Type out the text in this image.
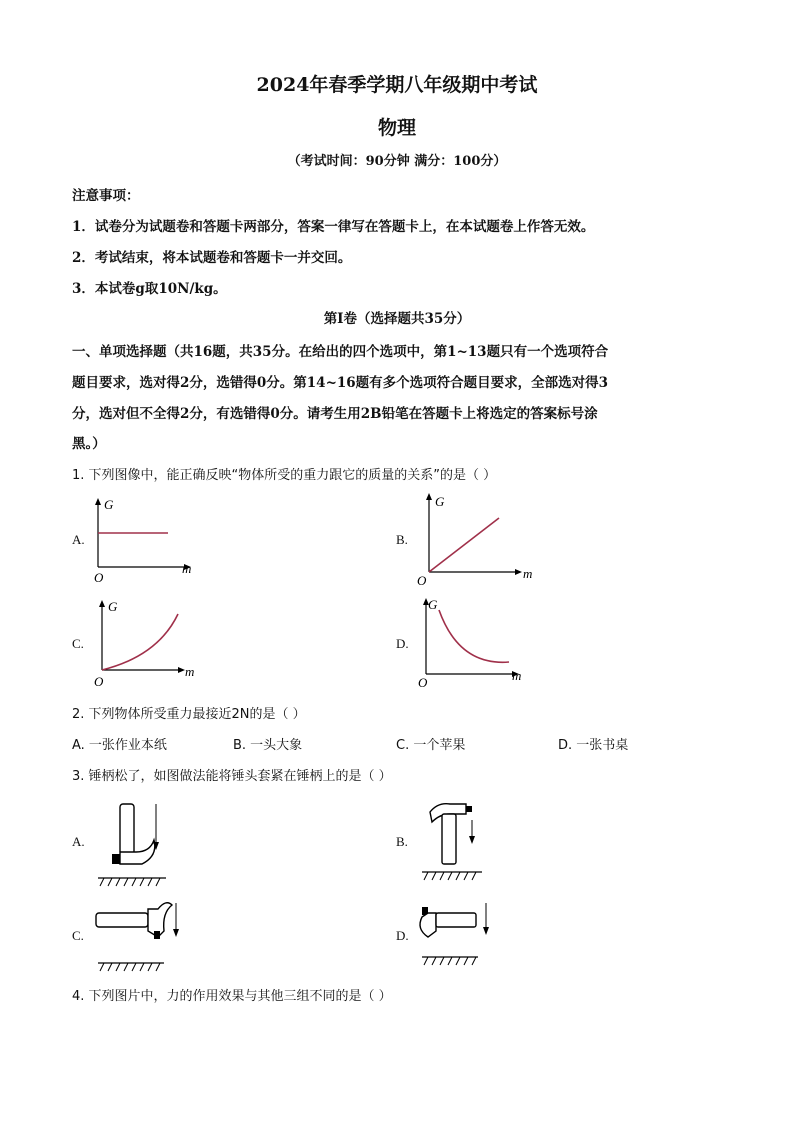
2024年春季学期八年级期中考试
物理
（考试时间：90分钟 满分：100分）
注意事项：
1．试卷分为试题卷和答题卡两部分，答案一律写在答题卡上，在本试题卷上作答无效。
2．考试结束，将本试题卷和答题卡一并交回。
3．本试卷g取10N/kg。
第Ⅰ卷（选择题共35分）
一、单项选择题（共16题，共35分。在给出的四个选项中，第1~13题只有一个选项符合
题目要求，选对得2分，选错得0分。第14~16题有多个选项符合题目要求，全部选对得3
分，选对但不全得2分，有选错得0分。请考生用2B铅笔在答题卡上将选定的答案标号涂
黑。）
1. 下列图像中，能正确反映“物体所受的重力跟它的质量的关系”的是（ ）
A.
G
m
O
B.
G
m
O
C.
G
m
O
D.
G
m
O
2. 下列物体所受重力最接近2N的是（ ）
A. 一张作业本纸	B. 一头大象	C. 一个苹果	D. 一张书桌
3. 锤柄松了，如图做法能将锤头套紧在锤柄上的是（ ）
A.	B.
C.	D.
4. 下列图片中，力的作用效果与其他三组不同的是（ ）
